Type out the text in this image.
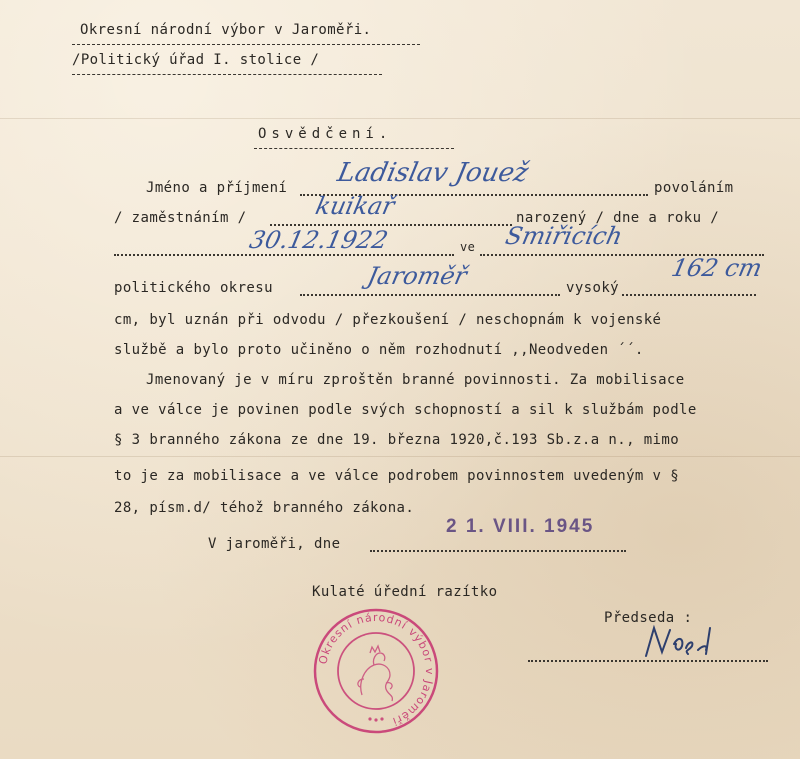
Okresní národní výbor v Jaroměři.
/Politický úřad I. stolice /
Osvědčení.
Jméno a příjmení Ladislav Jouež	povoláním
/ zaměstnáním /	kuikař	narozený / dne a roku /
30.12.1922	ve Smiřicích
politického okresu	Jaroměř	vysoký
162 cm
cm, byl uznán při odvodu / přezkoušení / neschopnám k vojenské
službě a bylo proto učiněno o něm rozhodnutí ,,Neodveden ´´.
Jmenovaný je v míru zproštěn branné povinnosti. Za mobilisace
a ve válce je povinen podle svých schopností a sil k službám podle
§ 3 branného zákona ze dne 19. března 1920,č.193 Sb.z.a n., mimo
to je za mobilisace a ve válce podrobem povinnostem uvedeným v §
28, písm.d/ téhož branného zákona.
V jaroměři, dne
2 1. VIII. 1945
Kulaté úřední razítko
Předseda :
Okresní národní výbor v Jaroměři
